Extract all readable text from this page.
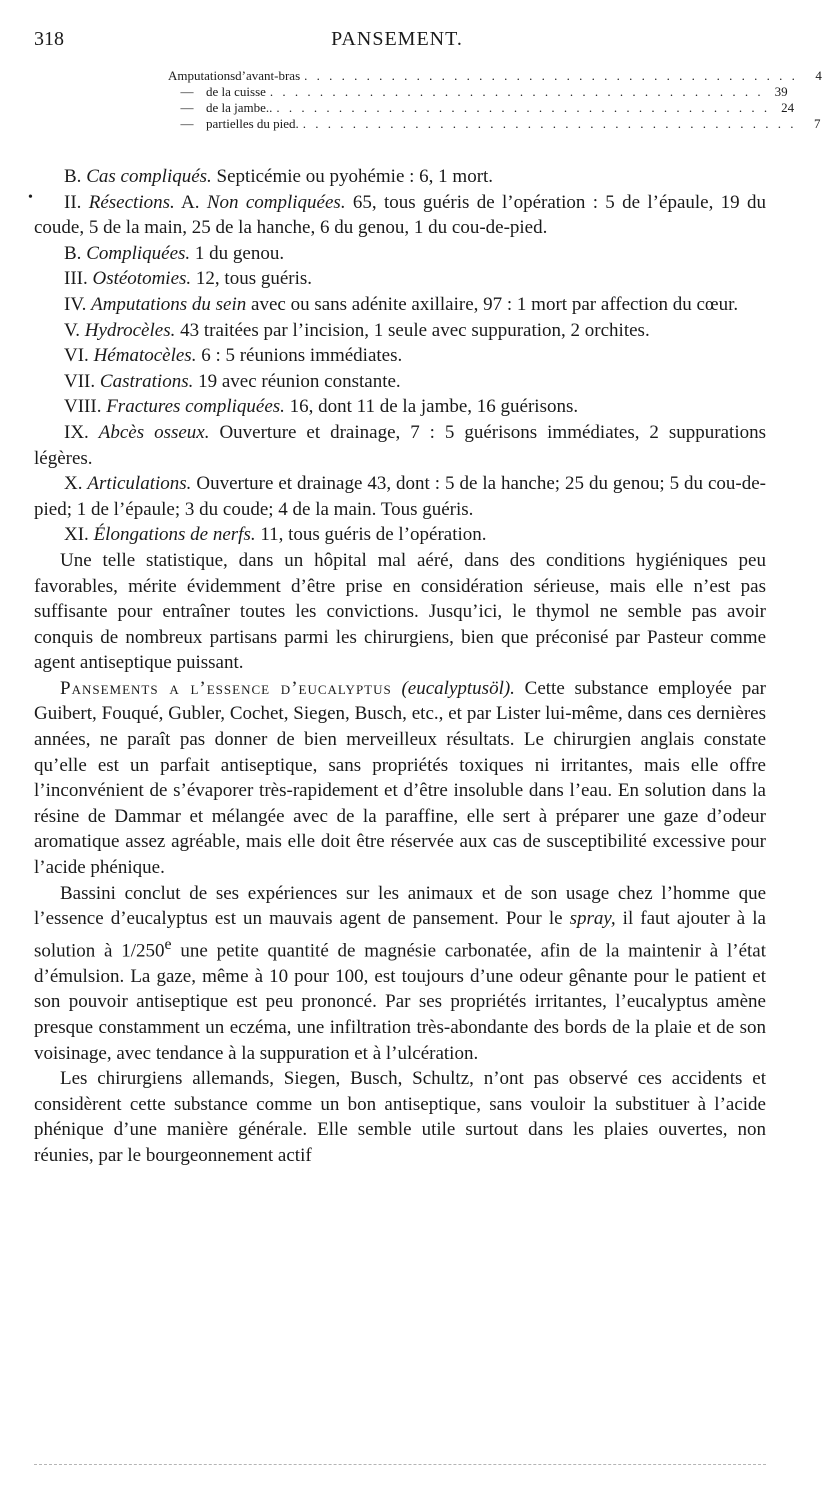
318	PANSEMENT.
Amputations d’avant-bras . . . . . . . . . . . . . . . . . . . . . . . . . . . . . . . . . . . . . . . .	4
— de la cuisse . . . . . . . . . . . . . . . . . . . . . . . . . . . . . . . . . . . . . . . . 39
— de la jambe.. . . . . . . . . . . . . . . . . . . . . . . . . . . . . . . . . . . . . . . . . 24
— partielles du pied. . . . . . . . . . . . . . . . . . . . . . . . . . . . . . . . . . . . . . . . .	7
•

B. Cas compliqués. Septicémie ou pyohémie : 6, 1 mort.

II. Résections. A. Non compliquées. 65, tous guéris de l’opération : 5 de l’épaule, 19 du coude, 5 de la main, 25 de la hanche, 6 du genou, 1 du cou-de-pied.

B. Compliquées. 1 du genou.

III. Ostéotomies. 12, tous guéris.

IV. Amputations du sein avec ou sans adénite axillaire, 97 : 1 mort par affection du cœur.

V. Hydrocèles. 43 traitées par l’incision, 1 seule avec suppuration, 2 orchites.

VI. Hématocèles. 6 : 5 réunions immédiates.

VII. Castrations. 19 avec réunion constante.

VIII. Fractures compliquées. 16, dont 11 de la jambe, 16 guérisons.

IX. Abcès osseux. Ouverture et drainage, 7 : 5 guérisons immédiates, 2 suppurations légères.

X. Articulations. Ouverture et drainage 43, dont : 5 de la hanche; 25 du genou; 5 du cou-de-pied; 1 de l’épaule; 3 du coude; 4 de la main. Tous guéris.

XI. Élongations de nerfs. 11, tous guéris de l’opération.

Une telle statistique, dans un hôpital mal aéré, dans des conditions hygiéniques peu favorables, mérite évidemment d’être prise en considération sérieuse, mais elle n’est pas suffisante pour entraîner toutes les convictions. Jusqu’ici, le thymol ne semble pas avoir conquis de nombreux partisans parmi les chirurgiens, bien que préconisé par Pasteur comme agent antiseptique puissant.

Pansements a l’essence d’eucalyptus (eucalyptusöl). Cette substance employée par Guibert, Fouqué, Gubler, Cochet, Siegen, Busch, etc., et par Lister lui-même, dans ces dernières années, ne paraît pas donner de bien merveilleux résultats. Le chirurgien anglais constate qu’elle est un parfait antiseptique, sans propriétés toxiques ni irritantes, mais elle offre l’inconvénient de s’évaporer très-rapidement et d’être insoluble dans l’eau. En solution dans la résine de Dammar et mélangée avec de la paraffine, elle sert à préparer une gaze d’odeur aromatique assez agréable, mais elle doit être réservée aux cas de susceptibilité excessive pour l’acide phénique.

Bassini conclut de ses expériences sur les animaux et de son usage chez l’homme que l’essence d’eucalyptus est un mauvais agent de pansement. Pour le spray, il faut ajouter à la solution à 1/250e une petite quantité de magnésie carbonatée, afin de la maintenir à l’état d’émulsion. La gaze, même à 10 pour 100, est toujours d’une odeur gênante pour le patient et son pouvoir antiseptique est peu prononcé. Par ses propriétés irritantes, l’eucalyptus amène presque constamment un eczéma, une infiltration très-abondante des bords de la plaie et de son voisinage, avec tendance à la suppuration et à l’ulcération.

Les chirurgiens allemands, Siegen, Busch, Schultz, n’ont pas observé ces accidents et considèrent cette substance comme un bon antiseptique, sans vouloir la substituer à l’acide phénique d’une manière générale. Elle semble utile surtout dans les plaies ouvertes, non réunies, par le bourgeonnement actif
